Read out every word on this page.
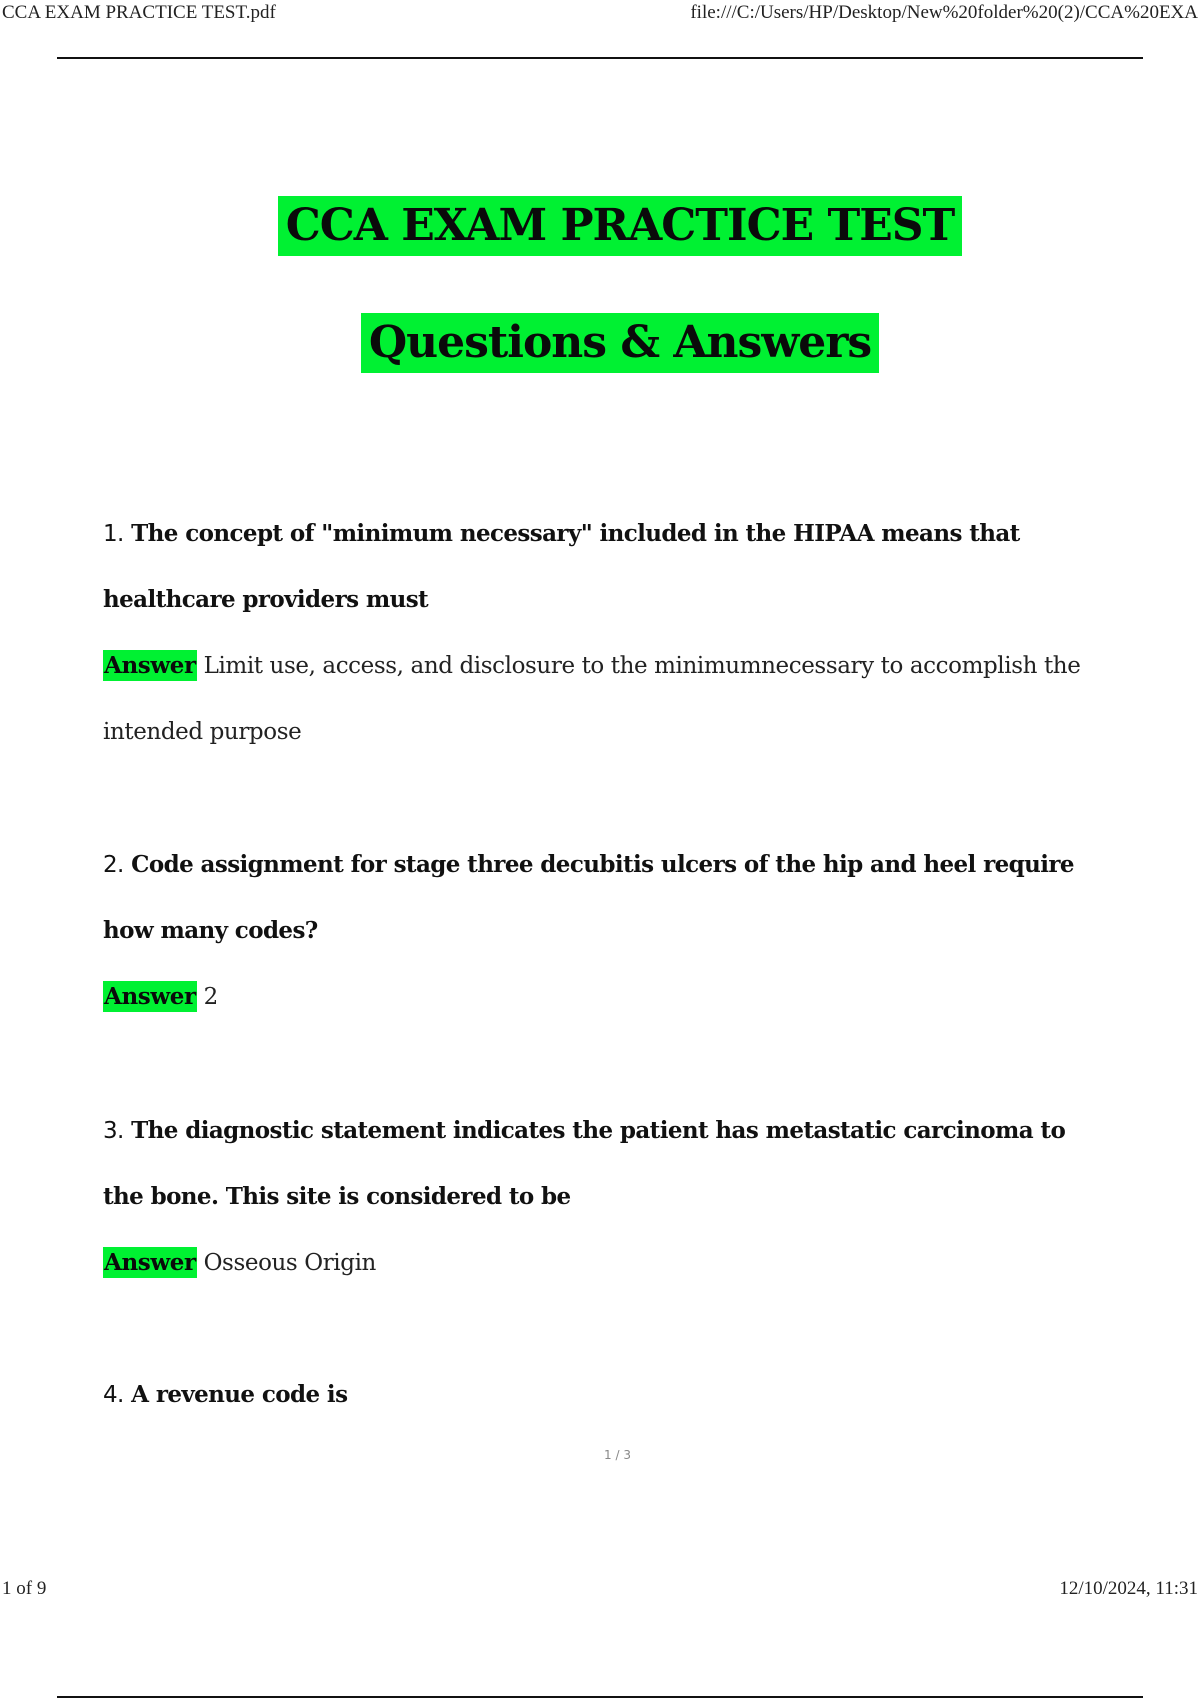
CCA EXAM PRACTICE TEST.pdf	file:///C:/Users/HP/Desktop/New%20folder%20(2)/CCA%20EXA
CCA EXAM PRACTICE TEST
Questions & Answers

1. The concept of "minimum necessary" included in the HIPAA means that healthcare providers must

Answer Limit use, access, and disclosure to the minimumnecessary to accomplish the intended purpose

2. Code assignment for stage three decubitis ulcers of the hip and heel require how many codes?

Answer 2

3. The diagnostic statement indicates the patient has metastatic carcinoma to the bone. This site is considered to be

Answer Osseous Origin

4. A revenue code is

1 / 3
1 of 9	12/10/2024, 11:31
